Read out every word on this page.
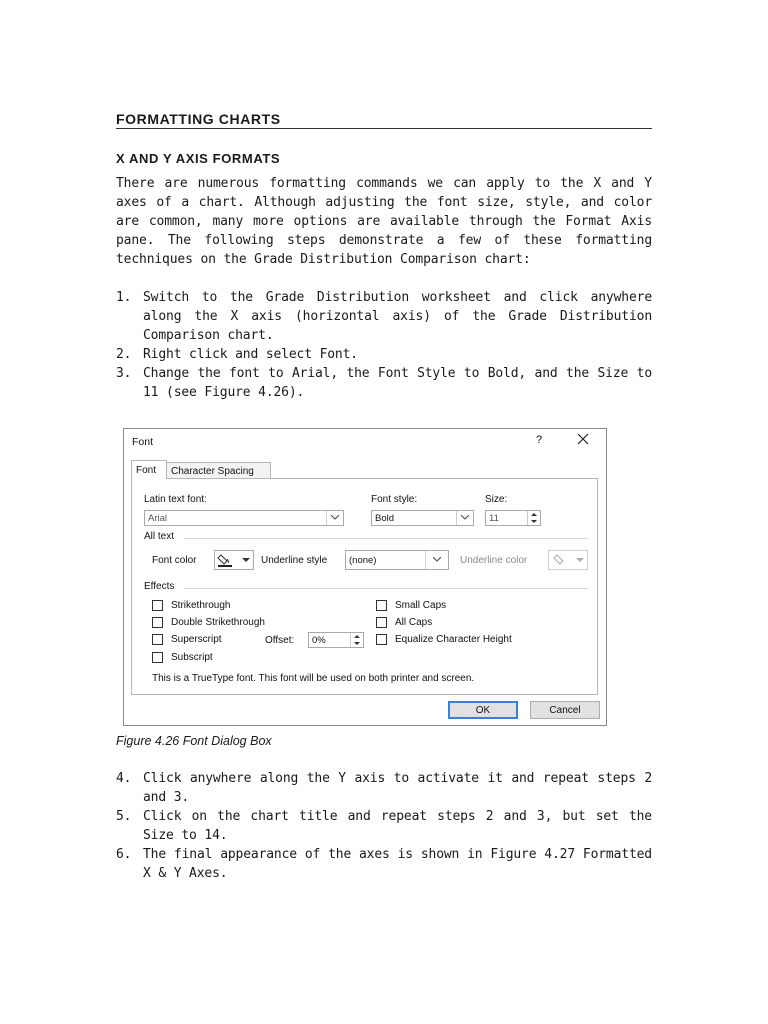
FORMATTING CHARTS
X AND Y AXIS FORMATS
There are numerous formatting commands we can apply to the X and Y axes of a chart. Although adjusting the font size, style, and color are common, many more options are available through the Format Axis pane. The following steps demonstrate a few of these formatting techniques on the Grade Distribution Comparison chart:
1. Switch to the Grade Distribution worksheet and click anywhere along the X axis (horizontal axis) of the Grade Distribution Comparison chart.
2. Right click and select Font.
3. Change the font to Arial, the Font Style to Bold, and the Size to 11 (see Figure 4.26).
Font	?
Font	Character Spacing
Latin text font:
Arial
Font style:
Bold
Size:
11
All text
Font color	Underline style	(none)	Underline color
Effects
Strikethrough
Double Strikethrough
Superscript
Subscript
Offset:	0%
Small Caps
All Caps
Equalize Character Height
This is a TrueType font. This font will be used on both printer and screen.
OK	Cancel
Figure 4.26 Font Dialog Box
4. Click anywhere along the Y axis to activate it and repeat steps 2 and 3.
5. Click on the chart title and repeat steps 2 and 3, but set the Size to 14.
6. The final appearance of the axes is shown in Figure 4.27 Formatted X & Y Axes.
